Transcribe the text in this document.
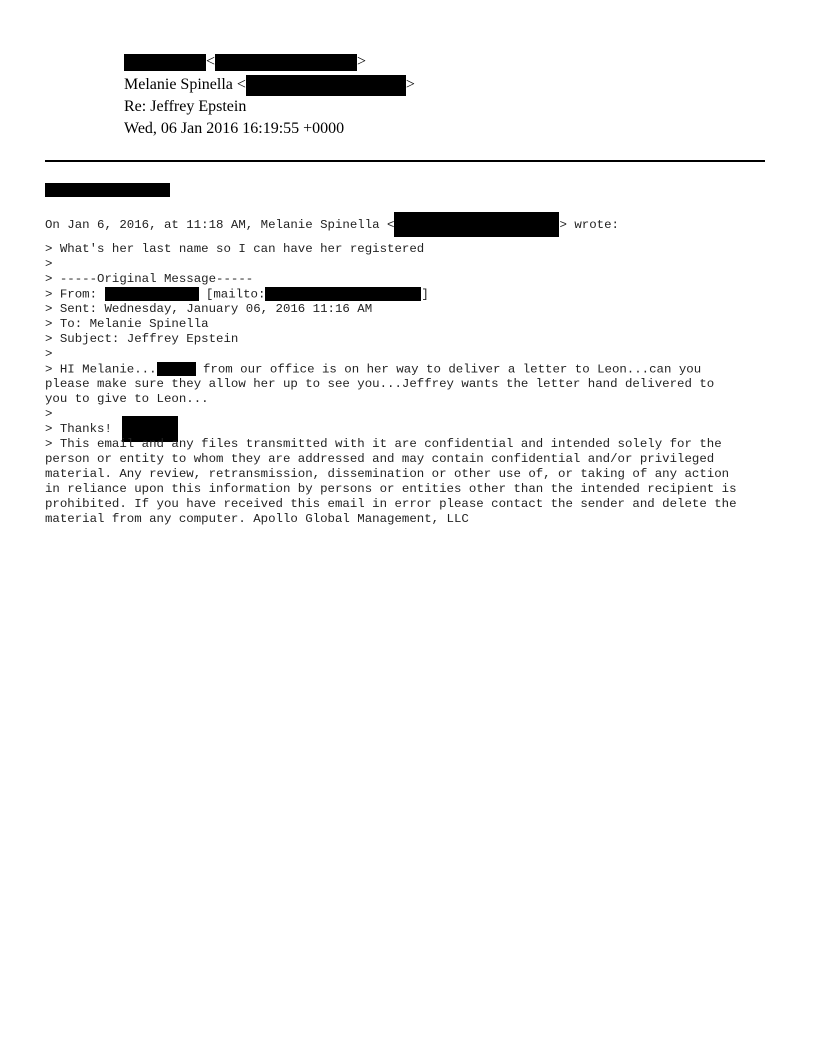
<	>
Melanie Spinella <	>
Re: Jeffrey Epstein
Wed, 06 Jan 2016 16:19:55 +0000
On Jan 6, 2016, at 11:18 AM, Melanie Spinella <	> wrote:
> What's her last name so I can have her registered
>
> -----Original Message-----
> From:	[mailto:	]
> Sent: Wednesday, January 06, 2016 11:16 AM
> To: Melanie Spinella
> Subject: Jeffrey Epstein
>
> HI Melanie...	from our office is on her way to deliver a letter to Leon...can you
please make sure they allow her up to see you...Jeffrey wants the letter hand delivered to
you to give to Leon...
>
> Thanks!
> This email and any files transmitted with it are confidential and intended solely for the
person or entity to whom they are addressed and may contain confidential and/or privileged
material. Any review, retransmission, dissemination or other use of, or taking of any action
in reliance upon this information by persons or entities other than the intended recipient is
prohibited. If you have received this email in error please contact the sender and delete the
material from any computer. Apollo Global Management, LLC
